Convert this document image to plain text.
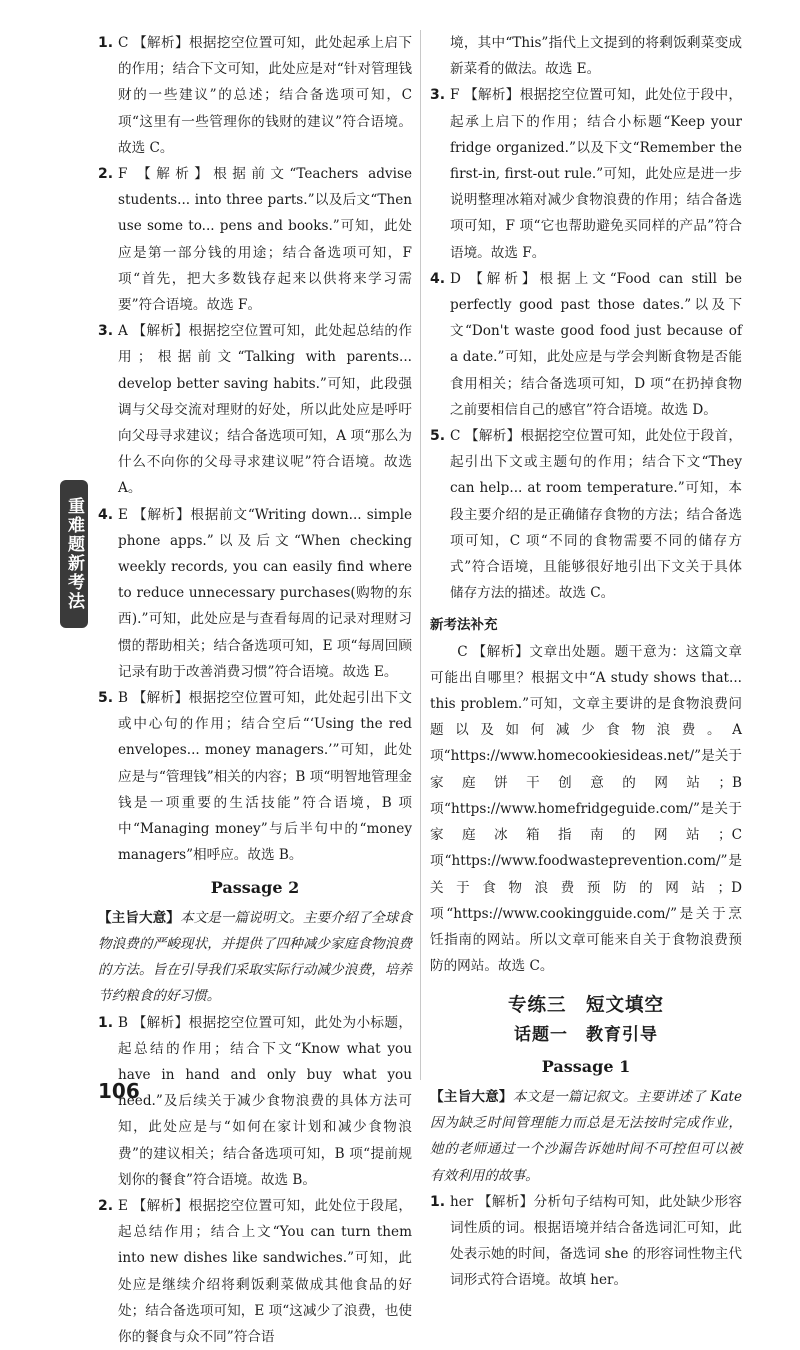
重难题新考法
1. C 【解析】根据挖空位置可知，此处起承上启下的作用；结合下文可知，此处应是对“针对管理钱财的一些建议”的总述；结合备选项可知，C 项“这里有一些管理你的钱财的建议”符合语境。故选 C。

2. F 【解析】根据前文“Teachers advise students... into three parts.”以及后文“Then use some to... pens and books.”可知，此处应是第一部分钱的用途；结合备选项可知，F 项“首先，把大多数钱存起来以供将来学习需要”符合语境。故选 F。

3. A 【解析】根据挖空位置可知，此处起总结的作用；根据前文“Talking with parents... develop better saving habits.”可知，此段强调与父母交流对理财的好处，所以此处应是呼吁向父母寻求建议；结合备选项可知，A 项“那么为什么不向你的父母寻求建议呢”符合语境。故选 A。

4. E 【解析】根据前文“Writing down... simple phone apps.”以及后文“When checking weekly records, you can easily find where to reduce unnecessary purchases(购物的东西).”可知，此处应是与查看每周的记录对理财习惯的帮助相关；结合备选项可知，E 项“每周回顾记录有助于改善消费习惯”符合语境。故选 E。

5. B 【解析】根据挖空位置可知，此处起引出下文或中心句的作用；结合空后“‘Using the red envelopes... money managers.’”可知，此处应是与“管理钱”相关的内容；B 项“明智地管理金钱是一项重要的生活技能”符合语境，B 项中“Managing money”与后半句中的“money managers”相呼应。故选 B。

Passage 2

【主旨大意】本文是一篇说明文。主要介绍了全球食物浪费的严峻现状，并提供了四种减少家庭食物浪费的方法。旨在引导我们采取实际行动减少浪费，培养节约粮食的好习惯。

1. B 【解析】根据挖空位置可知，此处为小标题，起总结的作用；结合下文“Know what you have in hand and only buy what you need.”及后续关于减少食物浪费的具体方法可知，此处应是与“如何在家计划和减少食物浪费”的建议相关；结合备选项可知，B 项“提前规划你的餐食”符合语境。故选 B。

2. E 【解析】根据挖空位置可知，此处位于段尾，起总结作用；结合上文“You can turn them into new dishes like sandwiches.”可知，此处应是继续介绍将剩饭剩菜做成其他食品的好处；结合备选项可知，E 项“这减少了浪费，也使你的餐食与众不同”符合语

境，其中“This”指代上文提到的将剩饭剩菜变成新菜肴的做法。故选 E。

3. F 【解析】根据挖空位置可知，此处位于段中，起承上启下的作用；结合小标题“Keep your fridge organized.”以及下文“Remember the first-in, first-out rule.”可知，此处应是进一步说明整理冰箱对减少食物浪费的作用；结合备选项可知，F 项“它也帮助避免买同样的产品”符合语境。故选 F。

4. D 【解析】根据上文“Food can still be perfectly good past those dates.”以及下文“Don't waste good food just because of a date.”可知，此处应是与学会判断食物是否能食用相关；结合备选项可知，D 项“在扔掉食物之前要相信自己的感官”符合语境。故选 D。

5. C 【解析】根据挖空位置可知，此处位于段首，起引出下文或主题句的作用；结合下文“They can help... at room temperature.”可知，本段主要介绍的是正确储存食物的方法；结合备选项可知，C 项“不同的食物需要不同的储存方式”符合语境，且能够很好地引出下文关于具体储存方法的描述。故选 C。

新考法补充

C 【解析】文章出处题。题干意为：这篇文章可能出自哪里？根据文中“A study shows that... this problem.”可知，文章主要讲的是食物浪费问题以及如何减少食物浪费。A 项“https://www.homecookiesideas.net/”是关于家庭饼干创意的网站；B 项“https://www.homefridgeguide.com/”是关于家庭冰箱指南的网站；C 项“https://www.foodwasteprevention.com/”是关于食物浪费预防的网站；D 项“https://www.cookingguide.com/”是关于烹饪指南的网站。所以文章可能来自关于食物浪费预防的网站。故选 C。

专练三　短文填空
话题一　教育引导
Passage 1

【主旨大意】本文是一篇记叙文。主要讲述了 Kate 因为缺乏时间管理能力而总是无法按时完成作业，她的老师通过一个沙漏告诉她时间不可控但可以被有效利用的故事。

1. her 【解析】分析句子结构可知，此处缺少形容词性质的词。根据语境并结合备选词汇可知，此处表示她的时间，备选词 she 的形容词性物主代词形式符合语境。故填 her。

106
